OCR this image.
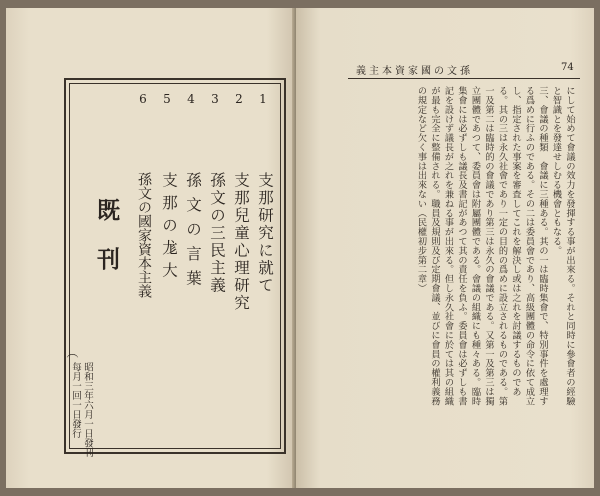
1
支那研究に就て
2
支那兒童心理研究
3
孫文の三民主義
4
孫文の言葉
5
支那の尨大
6
孫文の國家資本主義
既刊
（
昭和三年六月一日發刊
每月一回一日發行
義主本資家國の文孫	74

にして始めて會議の效力を發揮する事が出來る。それと同時に參會者の經驗と智識とを發達せしむる機會ともなる。

三、會議の種類　會議に三種ある。其の一は臨時集會で、特別事件を處理する爲めに行ふのである。その二は委員會であり、高級團體の命令に依て成立し、指定された事案を審査してこれを解決し或は之れを討議するものである。其の三は永久社會であり一定の目的の爲めに設立されるものである。第一及第二は臨時的の會議であり第三は永久の會議である。又第一及第三は獨立團體であつて、委員會は附屬團體である。會議の組織にも種々ある。臨時集會には必ずしも議長及書記があつて其の責任を負ふ。委員會は必ずしも書記を設けず議長が之れを兼ねる事が出來る。但し永久社會に於ては其の組織が最も完全に整備される。職員及規則及び定期會議、並びに會員の權利義務の規定など欠く事は出來ない（民權初步第二章）
